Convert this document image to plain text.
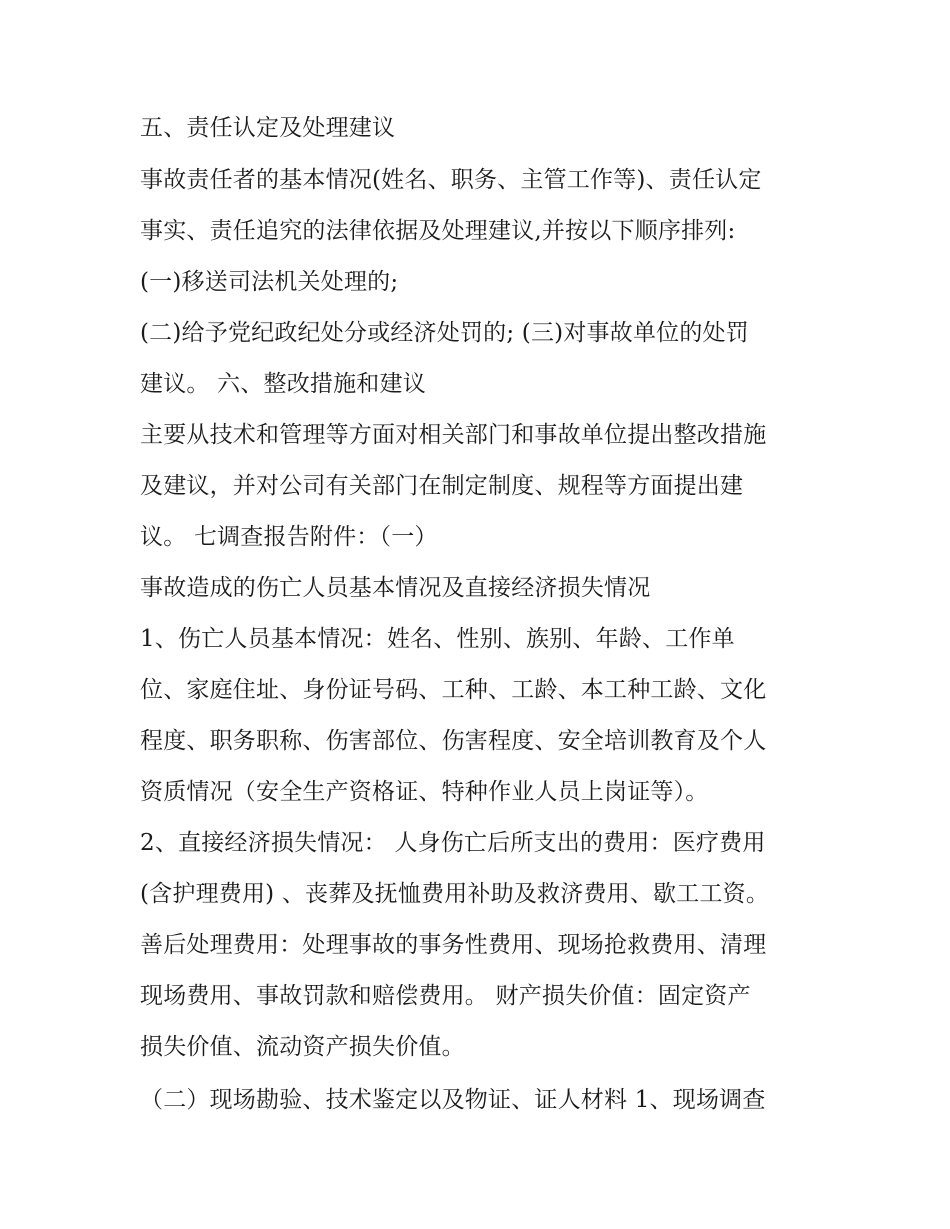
五、责任认定及处理建议
事故责任者的基本情况(姓名、职务、主管工作等)、责任认定
事实、责任追究的法律依据及处理建议,并按以下顺序排列:
(一)移送司法机关处理的;
(二)给予党纪政纪处分或经济处罚的; (三)对事故单位的处罚
建议。 六、整改措施和建议
主要从技术和管理等方面对相关部门和事故单位提出整改措施
及建议，并对公司有关部门在制定制度、规程等方面提出建
议。 七调查报告附件：（一）
事故造成的伤亡人员基本情况及直接经济损失情况
1、伤亡人员基本情况：姓名、性别、族别、年龄、工作单
位、家庭住址、身份证号码、工种、工龄、本工种工龄、文化
程度、职务职称、伤害部位、伤害程度、安全培训教育及个人
资质情况（安全生产资格证、特种作业人员上岗证等）。
2、直接经济损失情况： 人身伤亡后所支出的费用：医疗费用
(含护理费用) 、丧葬及抚恤费用补助及救济费用、歇工工资。
善后处理费用：处理事故的事务性费用、现场抢救费用、清理
现场费用、事故罚款和赔偿费用。 财产损失价值：固定资产
损失价值、流动资产损失价值。
（二）现场勘验、技术鉴定以及物证、证人材料 1、现场调查
